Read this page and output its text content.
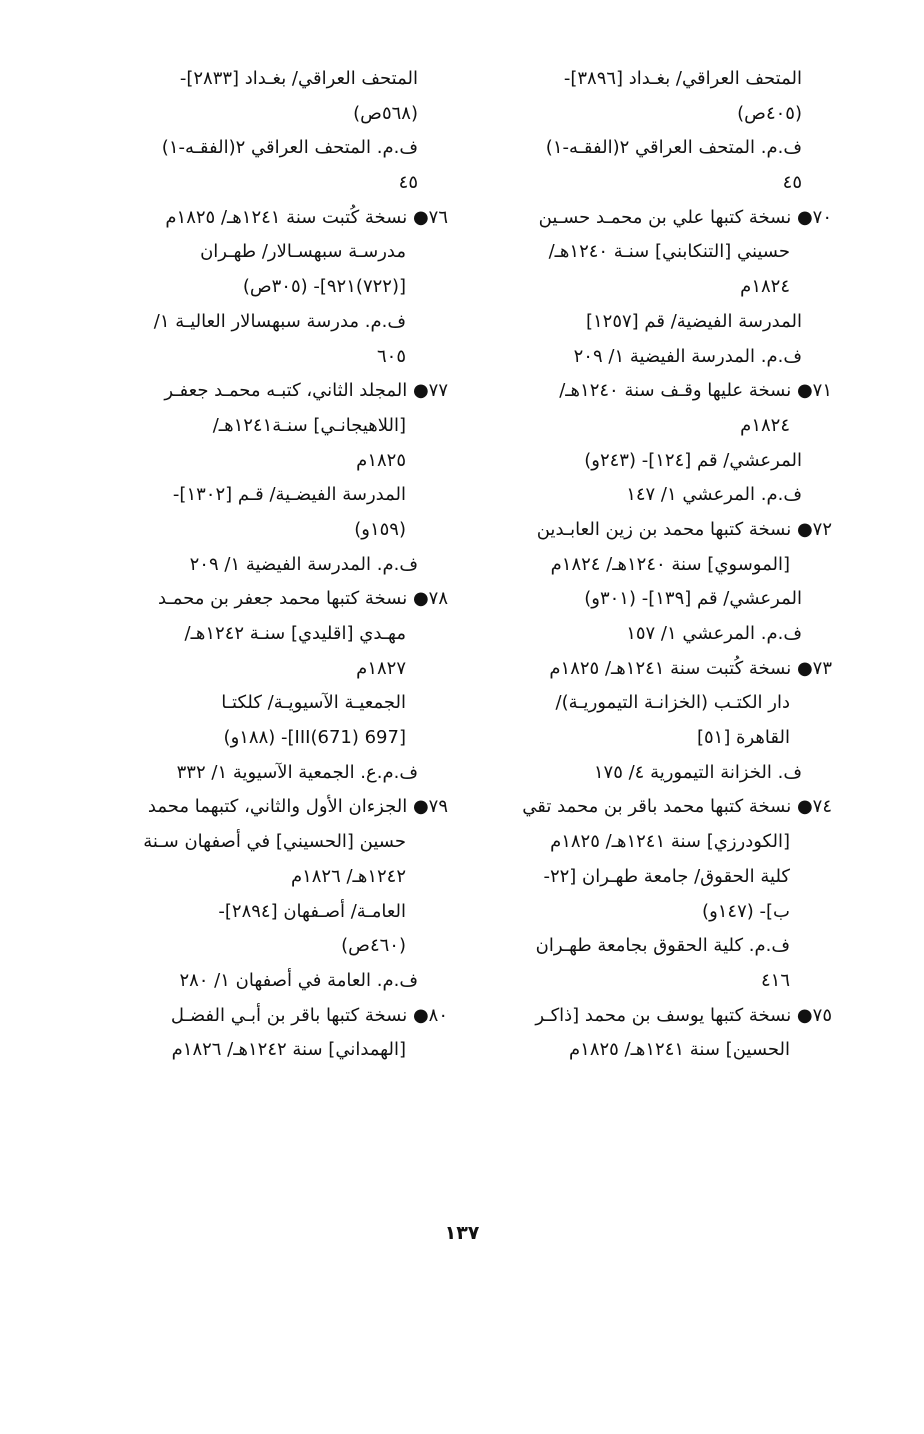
المتحف العراقي/ بغـداد [٣٨٩٦]-
(٤٠٥ص)
ف.م. المتحف العراقي ٢(الفقـه-١)
٤٥
٧٠● نسخة كتبها علي بن محمـد حسـين
حسيني [التنكابني] سنـة ١٢٤٠هـ/
١٨٢٤م
المدرسة الفيضية/ قم [١٢٥٧]
ف.م. المدرسة الفيضية ١/ ٢٠٩
٧١● نسخة عليها وقـف سنة ١٢٤٠هـ/
١٨٢٤م
المرعشي/ قم [١٢٤]- (٢٤٣و)
ف.م. المرعشي ١/ ١٤٧
٧٢● نسخة كتبها محمد بن زين العابـدين
[الموسوي] سنة ١٢٤٠هـ/ ١٨٢٤م
المرعشي/ قم [١٣٩]- (٣٠١و)
ف.م. المرعشي ١/ ١٥٧
٧٣● نسخة كُتبت سنة ١٢٤١هـ/ ١٨٢٥م
دار الكتـب (الخزانـة التيموريـة)/
القاهرة [٥١]
ف. الخزانة التيمورية ٤/ ١٧٥
٧٤● نسخة كتبها محمد باقر بن محمد تقي
[الكودرزي] سنة ١٢٤١هـ/ ١٨٢٥م
كلية الحقوق/ جامعة طهـران [٢٢-
ب]- (١٤٧و)
ف.م. كلية الحقوق بجامعة طهـران
٤١٦
٧٥● نسخة كتبها يوسف بن محمد [ذاكـر
الحسين] سنة ١٢٤١هـ/ ١٨٢٥م
المتحف العراقي/ بغـداد [٢٨٣٣]-
(٥٦٨ص)
ف.م. المتحف العراقي ٢(الفقـه-١)
٤٥
٧٦● نسخة كُتبت سنة ١٢٤١هـ/ ١٨٢٥م
مدرسـة سبهسـالار/ طهـران
[(٧٢٢)٩٢١]- (٣٠٥ص)
ف.م. مدرسة سبهسالار العاليـة ١/
٦٠٥
٧٧● المجلد الثاني، كتبـه محمـد جعفـر
[اللاهيجانـي] سنـة١٢٤١هـ/
١٨٢٥م
المدرسة الفيضـية/ قـم [١٣٠٢]-
(١٥٩و)
ف.م. المدرسة الفيضية ١/ ٢٠٩
٧٨● نسخة كتبها محمد جعفر بن محمـد
مهـدي [اقليدي] سنـة ١٢٤٢هـ/
١٨٢٧م
الجمعيـة الآسيويـة/ كلكتـا
[697 III(671)]- (١٨٨و)
ف.م.ع. الجمعية الآسيوية ١/ ٣٣٢
٧٩● الجزءان الأول والثاني، كتبهما محمد
حسين [الحسيني] في أصفهان سـنة
١٢٤٢هـ/ ١٨٢٦م
العامـة/ أصـفهان [٢٨٩٤]-
(٤٦٠ص)
ف.م. العامة في أصفهان ١/ ٢٨٠
٨٠● نسخة كتبها باقر بن أبـي الفضـل
[الهمداني] سنة ١٢٤٢هـ/ ١٨٢٦م
١٣٧
